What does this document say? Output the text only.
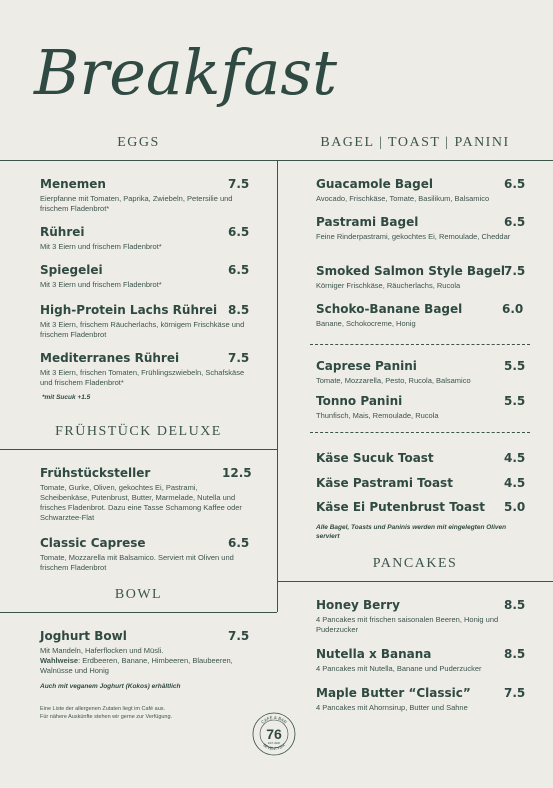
Breakfast
EGGS	BAGEL | TOAST | PANINI
FRÜHSTÜCK DELUXE
BOWL
PANCAKES
Menemen	7.5
Eierpfanne mit Tomaten, Paprika, Zwiebeln, Petersilie und frischem Fladenbrot*
Rührei	6.5
Mit 3 Eiern und frischem Fladenbrot*
Spiegelei	6.5
Mit 3 Eiern und frischem Fladenbrot*
High-Protein Lachs Rührei 8.5
Mit 3 Eiern, frischem Räucherlachs, körnigem Frischkäse und frischem Fladenbrot
Mediterranes Rührei	7.5
Mit 3 Eiern, frischen Tomaten, Frühlingszwiebeln, Schafskäse und frischem Fladenbrot*
*mit Sucuk +1.5
Frühstücksteller	12.5
Tomate, Gurke, Oliven, gekochtes Ei, Pastrami, Scheibenkäse, Putenbrust, Butter, Marmelade, Nutella und frisches Fladenbrot. Dazu eine Tasse Schamong Kaffee oder Schwarztee-Flat
Classic Caprese	6.5
Tomate, Mozzarella mit Balsamico. Serviert mit Oliven und frischem Fladenbrot
Joghurt Bowl	7.5
Mit Mandeln, Haferflocken und Müsli.
Wahlweise: Erdbeeren, Banane, Himbeeren, Blaubeeren, Walnüsse und Honig
Auch mit veganem Joghurt (Kokos) erhältlich
Eine Liste der allergenen Zutaten liegt im Café aus.
Für nähere Auskünfte stehen wir gerne zur Verfügung.
Guacamole Bagel	6.5
Avocado, Frischkäse, Tomate, Basilikum, Balsamico
Pastrami Bagel	6.5
Feine Rinderpastrami, gekochtes Ei, Remoulade, Cheddar
Smoked Salmon Style Bagel 7.5
Körniger Frischkäse, Räucherlachs, Rucola
Schoko-Banane Bagel	6.0
Banane, Schokocreme, Honig
Caprese Panini	5.5
Tomate, Mozzarella, Pesto, Rucola, Balsamico
Tonno Panini	5.5
Thunfisch, Mais, Remoulade, Rucola
Käse Sucuk Toast	4.5
Käse Pastrami Toast	4.5
Käse Ei Putenbrust Toast	5.0
Alle Bagel, Toasts und Paninis werden mit eingelegten Oliven serviert
Honey Berry	8.5
4 Pancakes mit frischen saisonalen Beeren, Honig und Puderzucker
Nutella x Banana	8.5
4 Pancakes mit Nutella, Banane und Puderzucker
Maple Butter “Classic”	7.5
4 Pancakes mit Ahornsirup, Butter und Sahne
CAFÉ & BAR
SEVENTYSIX
76
EST. 2020
